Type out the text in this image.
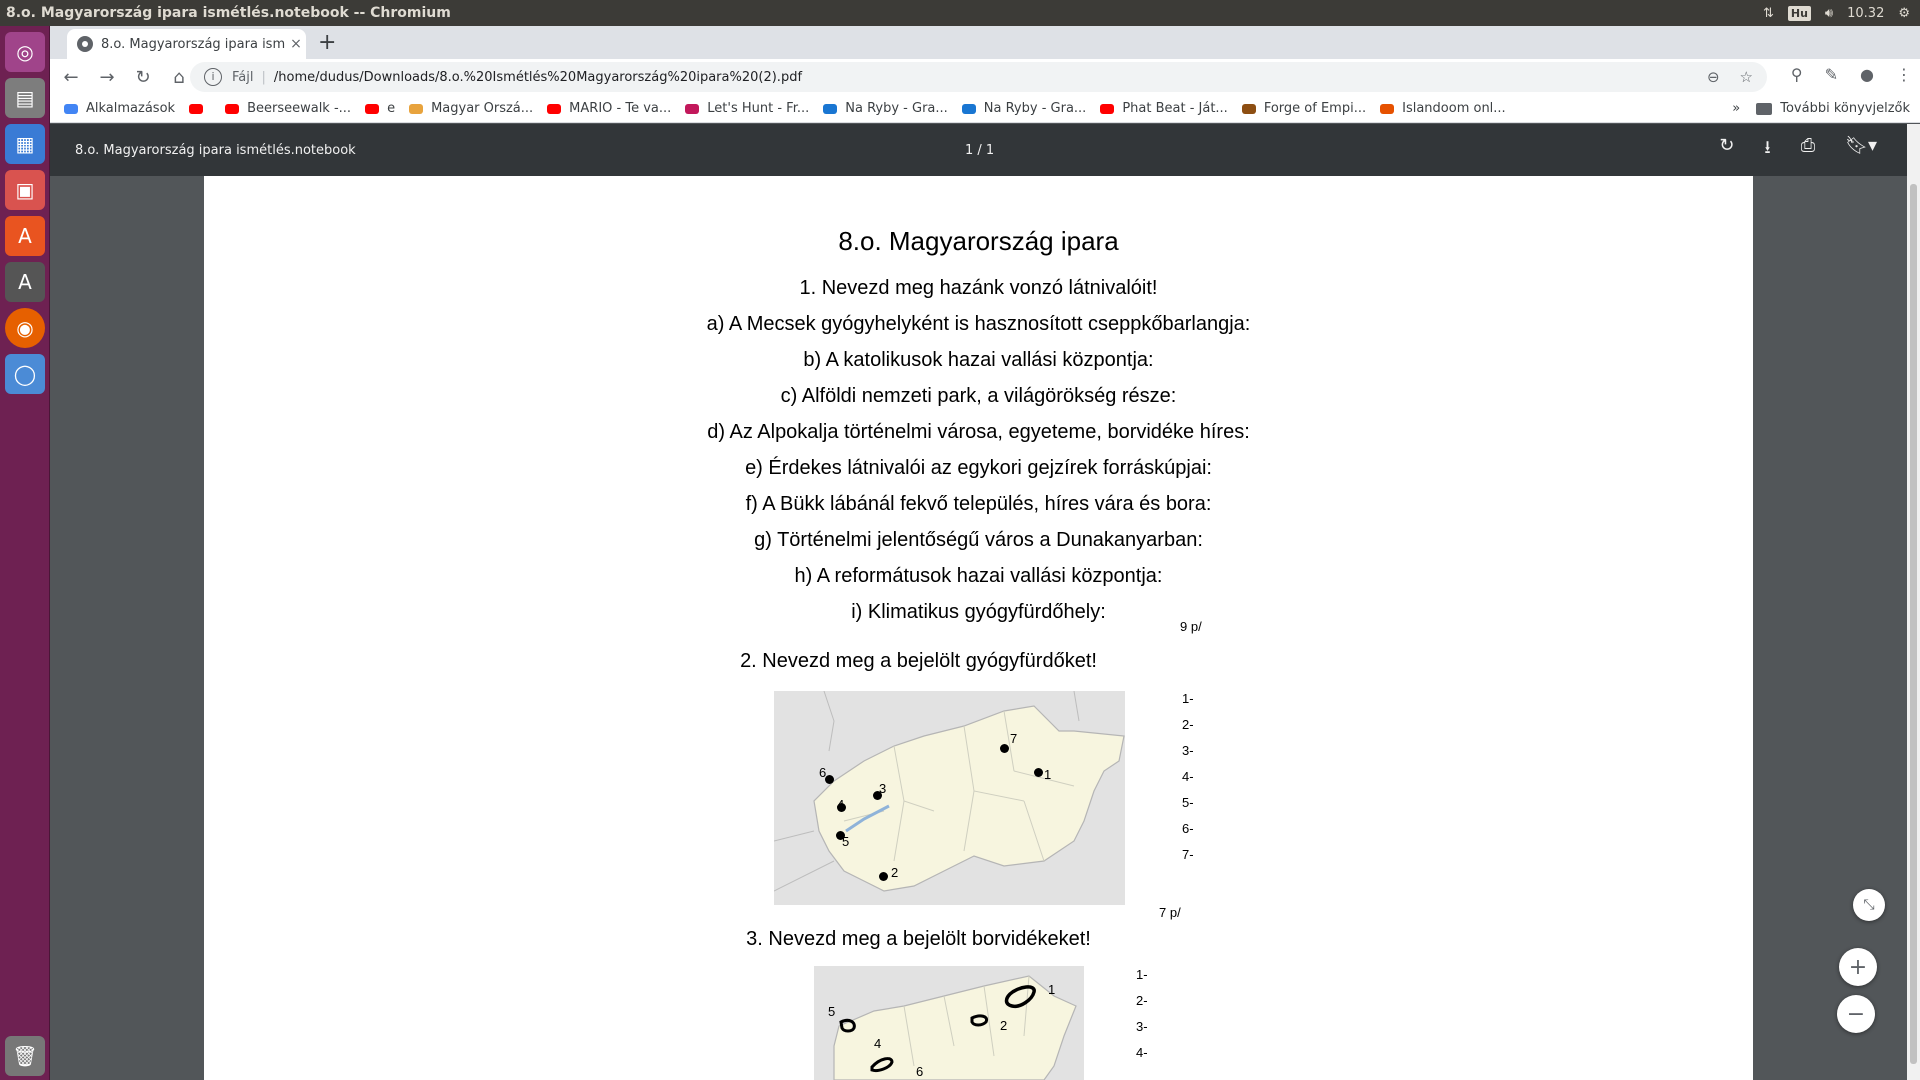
8.o. Magyarország ipara ismétlés.notebook -- Chromium	⇅ Hu 🔊︎ 10.32 ⚙
◎
▤
▦
▣
A
A
◉
◯
🗑︎
8.o. Magyarország ipara ism × +
←	→	↻	⌂	i	Fájl | /home/dudus/Downloads/8.o.%20Ismétlés%20Magyarország%20ipara%20(2).pdf	⊖ ☆ ⚲ ✎ ● ⋮
Alkalmazások	Beerseewalk -...	e	Magyar Orszá...	MARIO - Te va...	Let's Hunt - Fr...	Na Ryby - Gra...	Na Ryby - Gra...	Phat Beat - Ját...	Forge of Empi...	Islandoom onl...	»	További könyvjelzők
8.o. Magyarország ipara ismétlés.notebook	1 / 1	↻ ⭳ ⎙ 🔖︎▾
8.o. Magyarország ipara
1. Nevezd meg hazánk vonzó látnivalóit!
a) A Mecsek gyógyhelyként is hasznosított cseppkőbarlangja:
b) A katolikusok hazai vallási központja:
c) Alföldi nemzeti park, a világörökség része:
d) Az Alpokalja történelmi városa, egyeteme, borvidéke híres:
e) Érdekes látnivalói az egykori gejzírek forráskúpjai:
f) A Bükk lábánál fekvő település, híres vára és bora:
g) Történelmi jelentőségű város a Dunakanyarban:
h) A reformátusok hazai vallási központja:
i) Klimatikus gyógyfürdőhely:
9 p/
2. Nevezd meg a bejelölt gyógyfürdőket!
7
1
6
3
4
5
2
1-
2-
3-
4-
5-
6-
7-
7 p/
3. Nevezd meg a bejelölt borvidékeket!
1
5
2
4
6
1-
2-
3-
4-
⤡
+
−
